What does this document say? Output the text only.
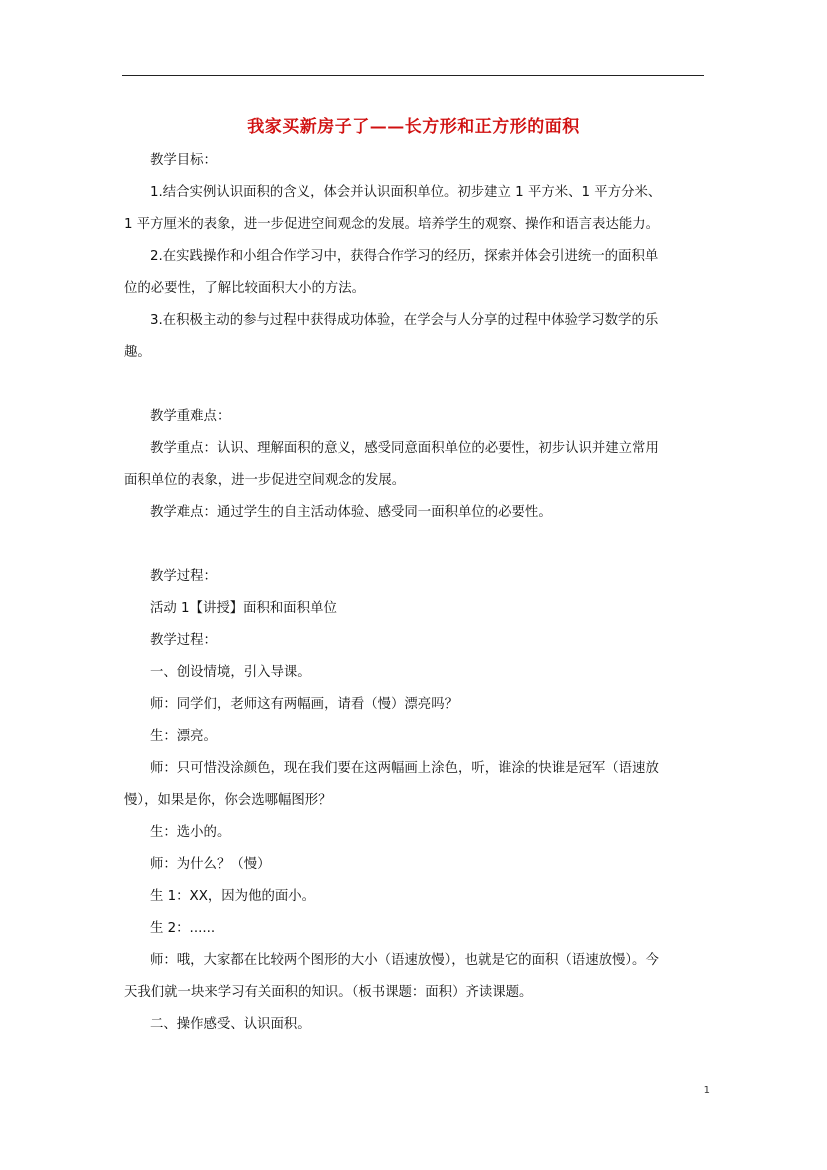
我家买新房子了——长方形和正方形的面积

教学目标：

1.结合实例认识面积的含义，体会并认识面积单位。初步建立 1 平方米、1 平方分米、

1 平方厘米的表象，进一步促进空间观念的发展。培养学生的观察、操作和语言表达能力。

2.在实践操作和小组合作学习中，获得合作学习的经历，探索并体会引进统一的面积单

位的必要性，了解比较面积大小的方法。

3.在积极主动的参与过程中获得成功体验，在学会与人分享的过程中体验学习数学的乐

趣。

教学重难点：

教学重点：认识、理解面积的意义，感受同意面积单位的必要性，初步认识并建立常用

面积单位的表象，进一步促进空间观念的发展。

教学难点：通过学生的自主活动体验、感受同一面积单位的必要性。

教学过程：

活动 1【讲授】面积和面积单位

教学过程：

一、创设情境，引入导课。

师：同学们，老师这有两幅画，请看（慢）漂亮吗？

生：漂亮。

师：只可惜没涂颜色，现在我们要在这两幅画上涂色，听，谁涂的快谁是冠军（语速放

慢），如果是你，你会选哪幅图形？

生：选小的。

师：为什么？（慢）

生 1：XX，因为他的面小。

生 2：......

师：哦，大家都在比较两个图形的大小（语速放慢），也就是它的面积（语速放慢）。今

天我们就一块来学习有关面积的知识。（板书课题：面积）齐读课题。

二、操作感受、认识面积。

1
